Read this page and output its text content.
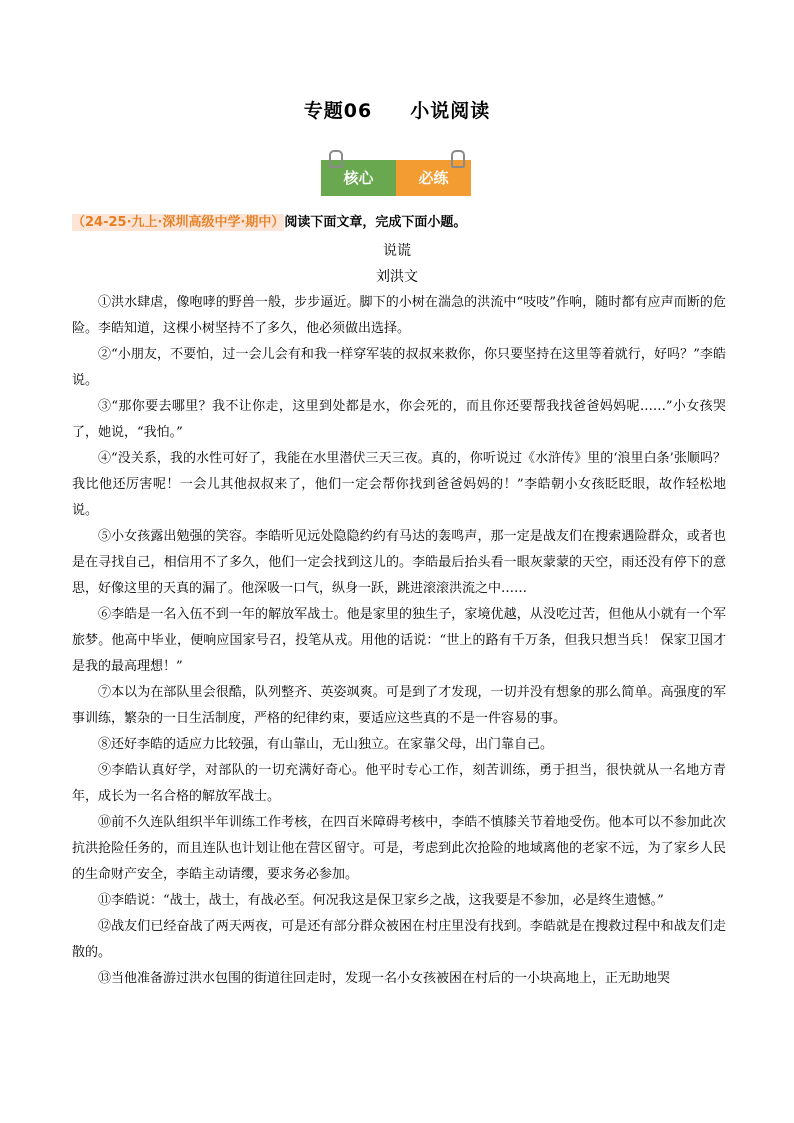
专题06 小说阅读
核心	必练
（24-25·九上·深圳高级中学·期中）阅读下面文章，完成下面小题。
说谎
刘洪文

①洪水肆虐，像咆哮的野兽一般，步步逼近。脚下的小树在湍急的洪流中“吱吱”作响，随时都有应声而断的危险。李皓知道，这棵小树坚持不了多久，他必须做出选择。

②“小朋友，不要怕，过一会儿会有和我一样穿军装的叔叔来救你，你只要坚持在这里等着就行，好吗？”李皓说。

③“那你要去哪里？我不让你走，这里到处都是水，你会死的，而且你还要帮我找爸爸妈妈呢……”小女孩哭了，她说，“我怕。”

④“没关系，我的水性可好了，我能在水里潜伏三天三夜。真的，你听说过《水浒传》里的‘浪里白条’张顺吗？我比他还厉害呢！一会儿其他叔叔来了，他们一定会帮你找到爸爸妈妈的！”李皓朝小女孩眨眨眼，故作轻松地说。

⑤小女孩露出勉强的笑容。李皓听见远处隐隐约约有马达的轰鸣声，那一定是战友们在搜索遇险群众，或者也是在寻找自己，相信用不了多久，他们一定会找到这儿的。李皓最后抬头看一眼灰蒙蒙的天空，雨还没有停下的意思，好像这里的天真的漏了。他深吸一口气，纵身一跃，跳进滚滚洪流之中……

⑥李皓是一名入伍不到一年的解放军战士。他是家里的独生子，家境优越，从没吃过苦，但他从小就有一个军旅梦。他高中毕业，便响应国家号召，投笔从戎。用他的话说：“世上的路有千万条，但我只想当兵！ 保家卫国才是我的最高理想！”

⑦本以为在部队里会很酷，队列整齐、英姿飒爽。可是到了才发现，一切并没有想象的那么简单。高强度的军事训练，繁杂的一日生活制度，严格的纪律约束，要适应这些真的不是一件容易的事。

⑧还好李皓的适应力比较强，有山靠山，无山独立。在家靠父母，出门靠自己。

⑨李皓认真好学，对部队的一切充满好奇心。他平时专心工作，刻苦训练，勇于担当，很快就从一名地方青年，成长为一名合格的解放军战士。

⑩前不久连队组织半年训练工作考核，在四百米障碍考核中，李皓不慎膝关节着地受伤。他本可以不参加此次抗洪抢险任务的，而且连队也计划让他在营区留守。可是，考虑到此次抢险的地域离他的老家不远，为了家乡人民的生命财产安全，李皓主动请缨，要求务必参加。

⑪李皓说：“战士，战士，有战必至。何况我这是保卫家乡之战，这我要是不参加，必是终生遗憾。”

⑫战友们已经奋战了两天两夜，可是还有部分群众被困在村庄里没有找到。李皓就是在搜救过程中和战友们走散的。

⑬当他准备游过洪水包围的街道往回走时，发现一名小女孩被困在村后的一小块高地上，正无助地哭
